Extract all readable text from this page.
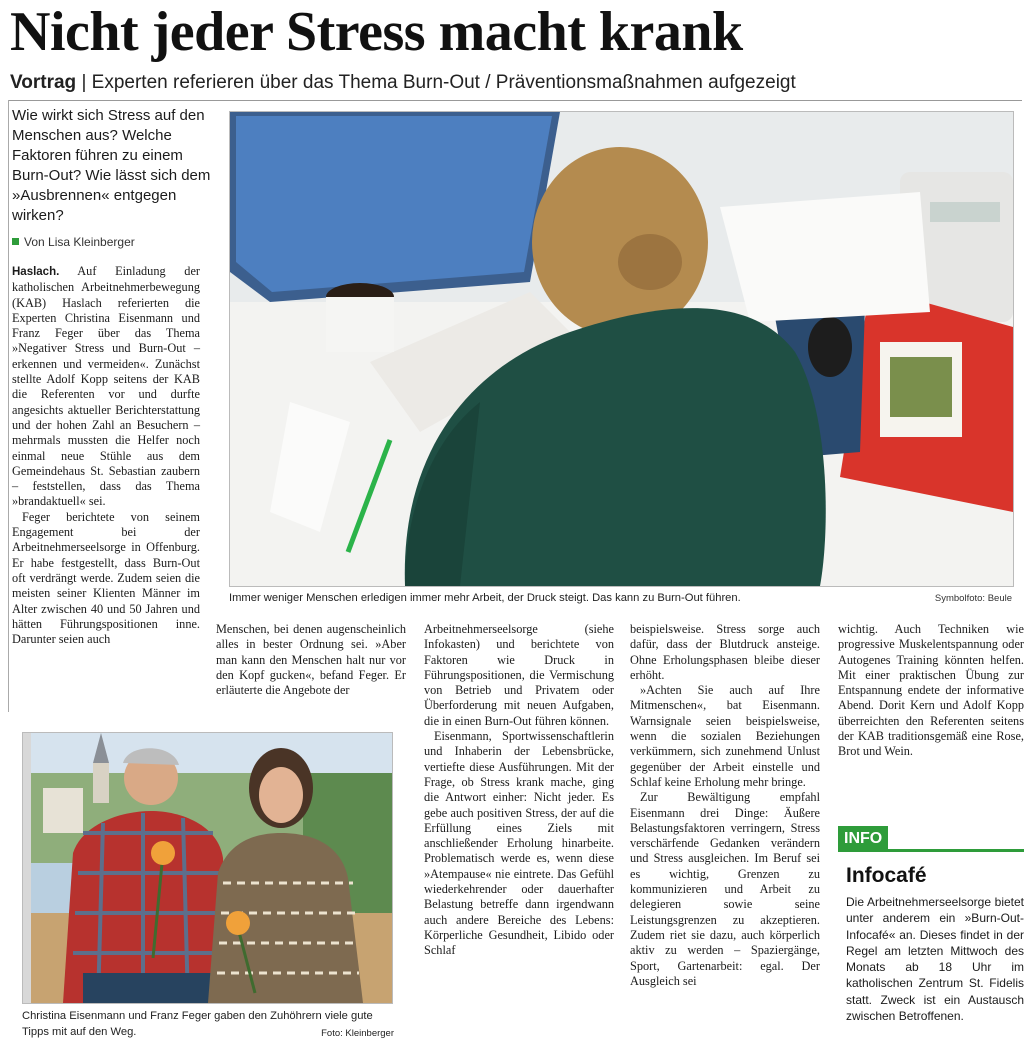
Nicht jeder Stress macht krank
Vortrag | Experten referieren über das Thema Burn-Out / Präventionsmaßnahmen aufgezeigt
Wie wirkt sich Stress auf den Menschen aus? Welche Faktoren führen zu einem Burn-Out? Wie lässt sich dem »Ausbrennen« entgegen wirken?
Von Lisa Kleinberger

Haslach. Auf Einladung der katholischen Arbeitnehmerbewegung (KAB) Haslach referierten die Experten Christina Eisenmann und Franz Feger über das Thema »Negativer Stress und Burn-Out – erkennen und vermeiden«. Zunächst stellte Adolf Kopp seitens der KAB die Referenten vor und durfte angesichts aktueller Berichterstattung und der hohen Zahl an Besuchern – mehrmals mussten die Helfer noch einmal neue Stühle aus dem Gemeindehaus St. Sebastian zaubern – feststellen, dass das Thema »brandaktuell« sei.

Feger berichtete von seinem Engagement bei der Arbeitnehmerseelsorge in Offenburg. Er habe festgestellt, dass Burn-Out oft verdrängt werde. Zudem seien die meisten seiner Klienten Männer im Alter zwischen 40 und 50 Jahren und hätten Führungspositionen inne. Darunter seien auch

Menschen, bei denen augenscheinlich alles in bester Ordnung sei. »Aber man kann den Menschen halt nur vor den Kopf gucken«, befand Feger. Er erläuterte die Angebote der

Arbeitnehmerseelsorge (siehe Infokasten) und berichtete von Faktoren wie Druck in Führungspositionen, die Vermischung von Betrieb und Privatem oder Überforderung mit neuen Aufgaben, die in einen Burn-Out führen können.

Eisenmann, Sportwissenschaftlerin und Inhaberin der Lebensbrücke, vertiefte diese Ausführungen. Mit der Frage, ob Stress krank mache, ging die Antwort einher: Nicht jeder. Es gebe auch positiven Stress, der auf die Erfüllung eines Ziels mit anschließender Erholung hinarbeite. Problematisch werde es, wenn diese »Atempause« nie eintrete. Das Gefühl wiederkehrender oder dauerhafter Belastung betreffe dann irgendwann auch andere Bereiche des Lebens: Körperliche Gesundheit, Libido oder Schlaf

beispielsweise. Stress sorge auch dafür, dass der Blutdruck ansteige. Ohne Erholungsphasen bleibe dieser erhöht.

»Achten Sie auch auf Ihre Mitmenschen«, bat Eisenmann. Warnsignale seien beispielsweise, wenn die sozialen Beziehungen verkümmern, sich zunehmend Unlust gegenüber der Arbeit einstelle und Schlaf keine Erholung mehr bringe.

Zur Bewältigung empfahl Eisenmann drei Dinge: Äußere Belastungsfaktoren verringern, Stress verschärfende Gedanken verändern und Stress ausgleichen. Im Beruf sei es wichtig, Grenzen zu kommunizieren und Arbeit zu delegieren sowie seine Leistungsgrenzen zu akzeptieren. Zudem riet sie dazu, auch körperlich aktiv zu werden – Spaziergänge, Sport, Gartenarbeit: egal. Der Ausgleich sei

wichtig. Auch Techniken wie progressive Muskelentspannung oder Autogenes Training könnten helfen. Mit einer praktischen Übung zur Entspannung endete der informative Abend. Dorit Kern und Adolf Kopp überreichten den Referenten seitens der KAB traditionsgemäß eine Rose, Brot und Wein.

Immer weniger Menschen erledigen immer mehr Arbeit, der Druck steigt. Das kann zu Burn-Out führen.	Symbolfoto: Beule
Christina Eisenmann und Franz Feger gaben den Zuhöhrern viele gute Tipps mit auf den Weg.	Foto: Kleinberger
INFO
Infocafé
Die Arbeitnehmerseelsorge bietet unter anderem ein »Burn-Out-Infocafé« an. Dieses findet in der Regel am letzten Mittwoch des Monats ab 18 Uhr im katholischen Zentrum St. Fidelis statt. Zweck ist ein Austausch zwischen Betroffenen.
